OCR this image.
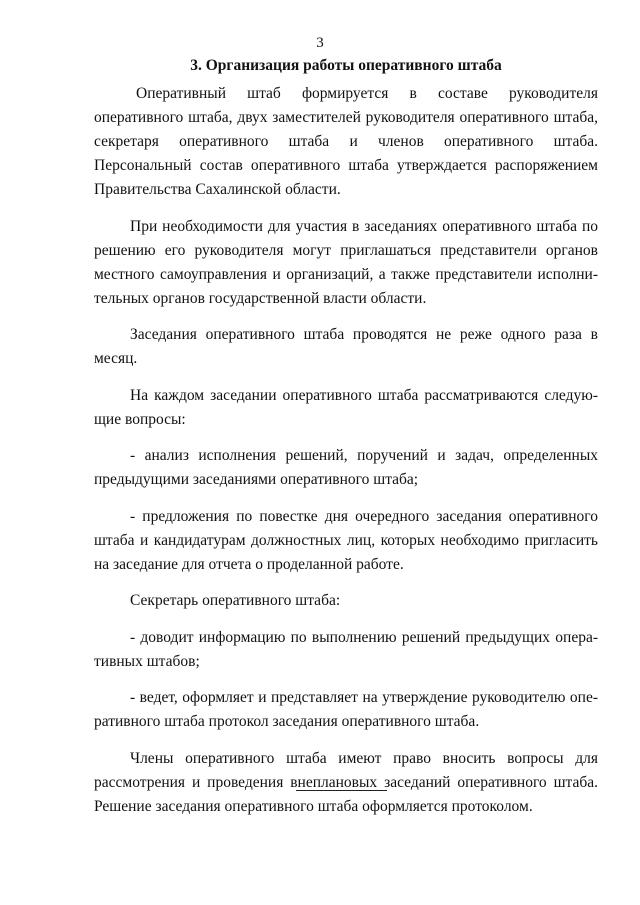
3
3. Организация работы оперативного штаба

Оперативный штаб формируется в составе руководителя оперативного штаба, двух заместителей руководителя оперативного штаба, секретаря оперативного штаба и членов оперативного штаба. Персональный состав оперативного штаба утверждается распоряжением Правительства Сахалинской области.

При необходимости для участия в заседаниях оперативного штаба по решению его руководителя могут приглашаться представители органов местного самоуправления и организаций, а также представители исполнительных органов государственной власти области.

Заседания оперативного штаба проводятся не реже одного раза в месяц.

На каждом заседании оперативного штаба рассматриваются следующие вопросы:

- анализ исполнения решений, поручений и задач, определенных предыдущими заседаниями оперативного штаба;

- предложения по повестке дня очередного заседания оперативного штаба и кандидатурам должностных лиц, которых необходимо пригласить на заседание для отчета о проделанной работе.

Секретарь оперативного штаба:

- доводит информацию по выполнению решений предыдущих оперативных штабов;

- ведет, оформляет и представляет на утверждение руководителю оперативного штаба протокол заседания оперативного штаба.

Члены оперативного штаба имеют право вносить вопросы для рассмотрения и проведения внеплановых заседаний оперативного штаба. Решение заседания оперативного штаба оформляется протоколом.
